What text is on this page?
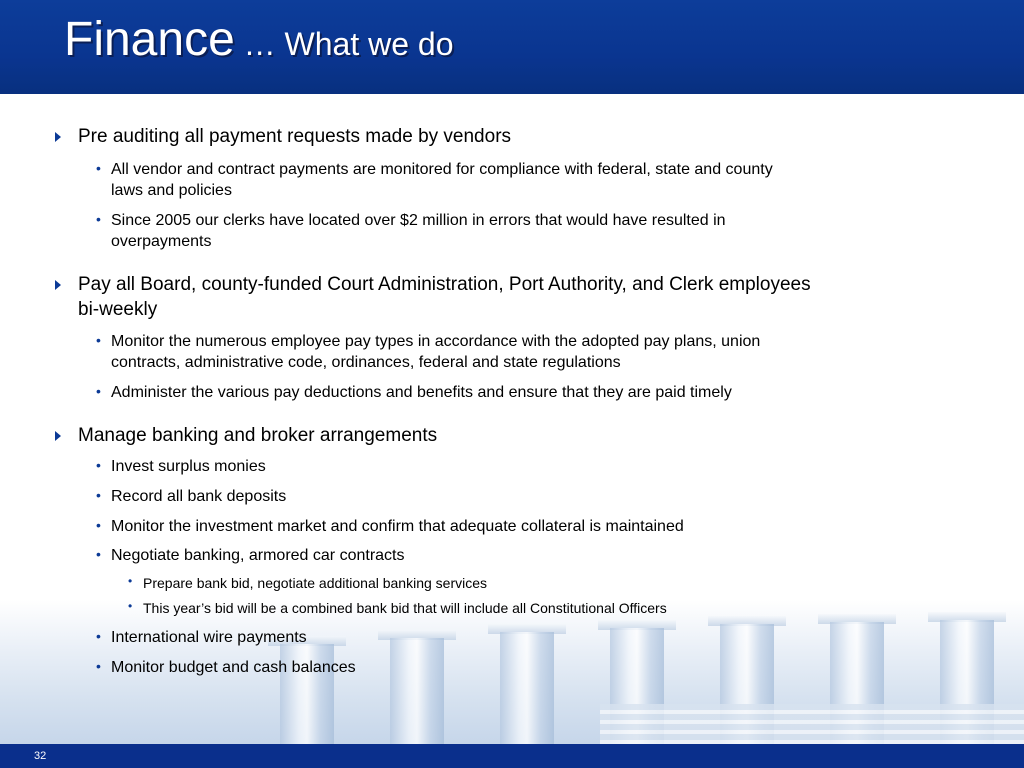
Finance … What we do
Pre auditing all payment requests made by vendors
• All vendor and contract payments are monitored for compliance with federal, state and county
laws and policies
• Since 2005 our clerks have located over $2 million in errors that would have resulted in
overpayments
Pay all Board, county-funded Court Administration, Port Authority, and Clerk employees
bi-weekly
• Monitor the numerous employee pay types in accordance with the adopted pay plans, union
contracts, administrative code, ordinances, federal and state regulations
• Administer the various pay deductions and benefits and ensure that they are paid timely
Manage banking and broker arrangements
• Invest surplus monies
• Record all bank deposits
• Monitor the investment market and confirm that adequate collateral is maintained
• Negotiate banking, armored car contracts
• Prepare bank bid, negotiate additional banking services
• This year’s bid will be a combined bank bid that will include all Constitutional Officers
• International wire payments
• Monitor budget and cash balances
32
